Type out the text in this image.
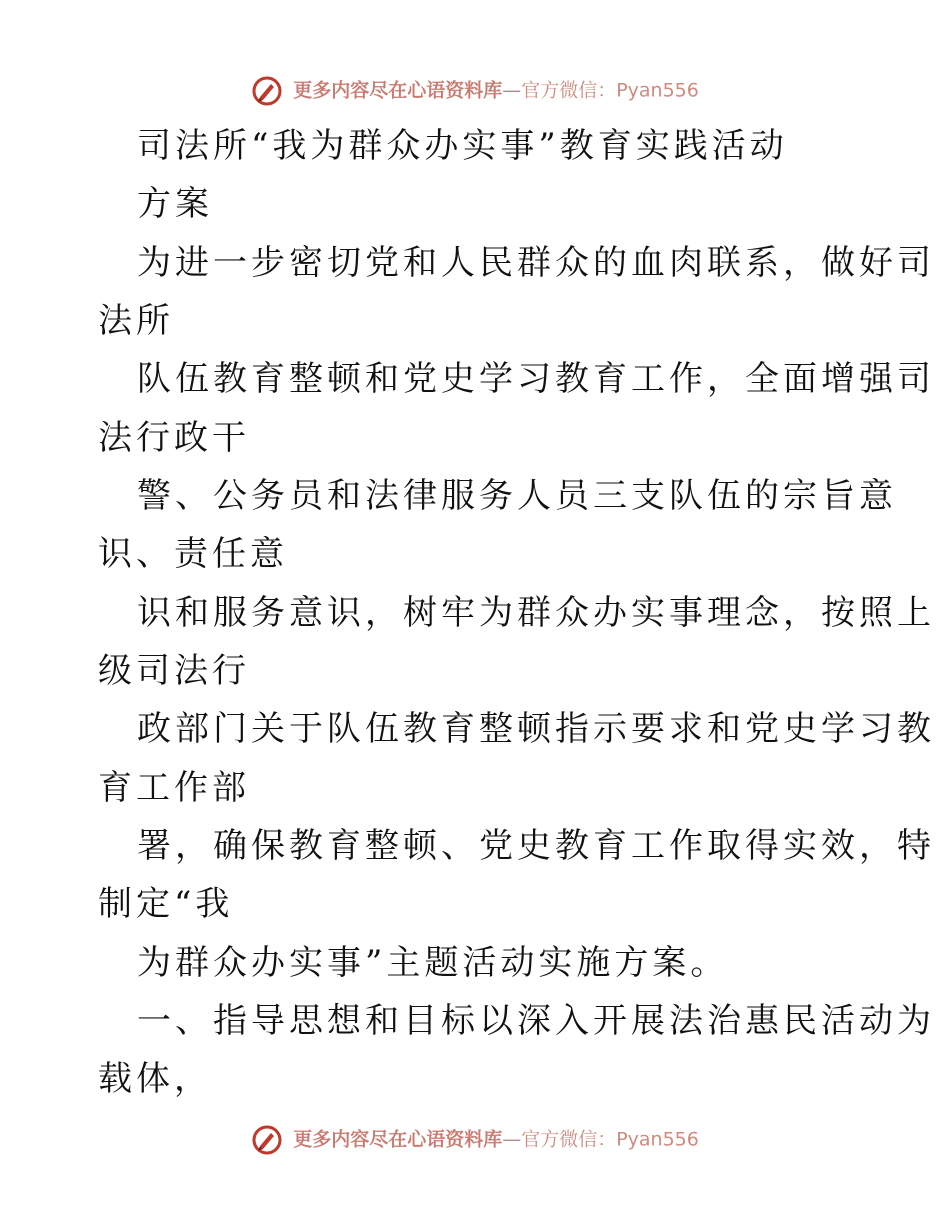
更多内容尽在心语资料库—官方微信：Pyan556
司法所“我为群众办实事”教育实践活动
方案
为进一步密切党和人民群众的血肉联系，做好司
法所
队伍教育整顿和党史学习教育工作，全面增强司
法行政干
警、公务员和法律服务人员三支队伍的宗旨意
识、责任意
识和服务意识，树牢为群众办实事理念，按照上
级司法行
政部门关于队伍教育整顿指示要求和党史学习教
育工作部
署，确保教育整顿、党史教育工作取得实效，特
制定“我
为群众办实事”主题活动实施方案。
一、指导思想和目标以深入开展法治惠民活动为
载体，
更多内容尽在心语资料库—官方微信：Pyan556
